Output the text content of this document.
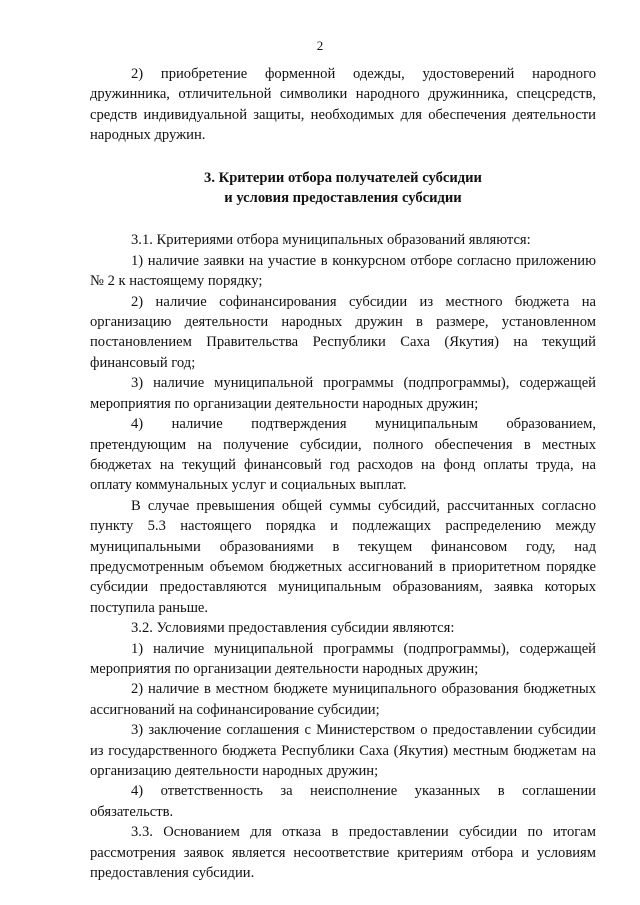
2

2) приобретение форменной одежды, удостоверений народного дружинника, отличительной символики народного дружинника, спецсредств, средств индивидуальной защиты, необходимых для обеспечения деятельности народных дружин.

3. Критерии отбора получателей субсидии
и условия предоставления субсидии

3.1. Критериями отбора муниципальных образований являются:

1) наличие заявки на участие в конкурсном отборе согласно приложению № 2 к настоящему порядку;

2) наличие софинансирования субсидии из местного бюджета на организацию деятельности народных дружин в размере, установленном постановлением Правительства Республики Саха (Якутия) на текущий финансовый год;

3) наличие муниципальной программы (подпрограммы), содержащей мероприятия по организации деятельности народных дружин;

4) наличие подтверждения муниципальным образованием, претендующим на получение субсидии, полного обеспечения в местных бюджетах на текущий финансовый год расходов на фонд оплаты труда, на оплату коммунальных услуг и социальных выплат.

В случае превышения общей суммы субсидий, рассчитанных согласно пункту 5.3 настоящего порядка и подлежащих распределению между муниципальными образованиями в текущем финансовом году, над предусмотренным объемом бюджетных ассигнований в приоритетном порядке субсидии предоставляются муниципальным образованиям, заявка которых поступила раньше.

3.2. Условиями предоставления субсидии являются:

1) наличие муниципальной программы (подпрограммы), содержащей мероприятия по организации деятельности народных дружин;

2) наличие в местном бюджете муниципального образования бюджетных ассигнований на софинансирование субсидии;

3) заключение соглашения с Министерством о предоставлении субсидии из государственного бюджета Республики Саха (Якутия) местным бюджетам на организацию деятельности народных дружин;

4) ответственность за неисполнение указанных в соглашении обязательств.

3.3. Основанием для отказа в предоставлении субсидии по итогам рассмотрения заявок является несоответствие критериям отбора и условиям предоставления субсидии.
